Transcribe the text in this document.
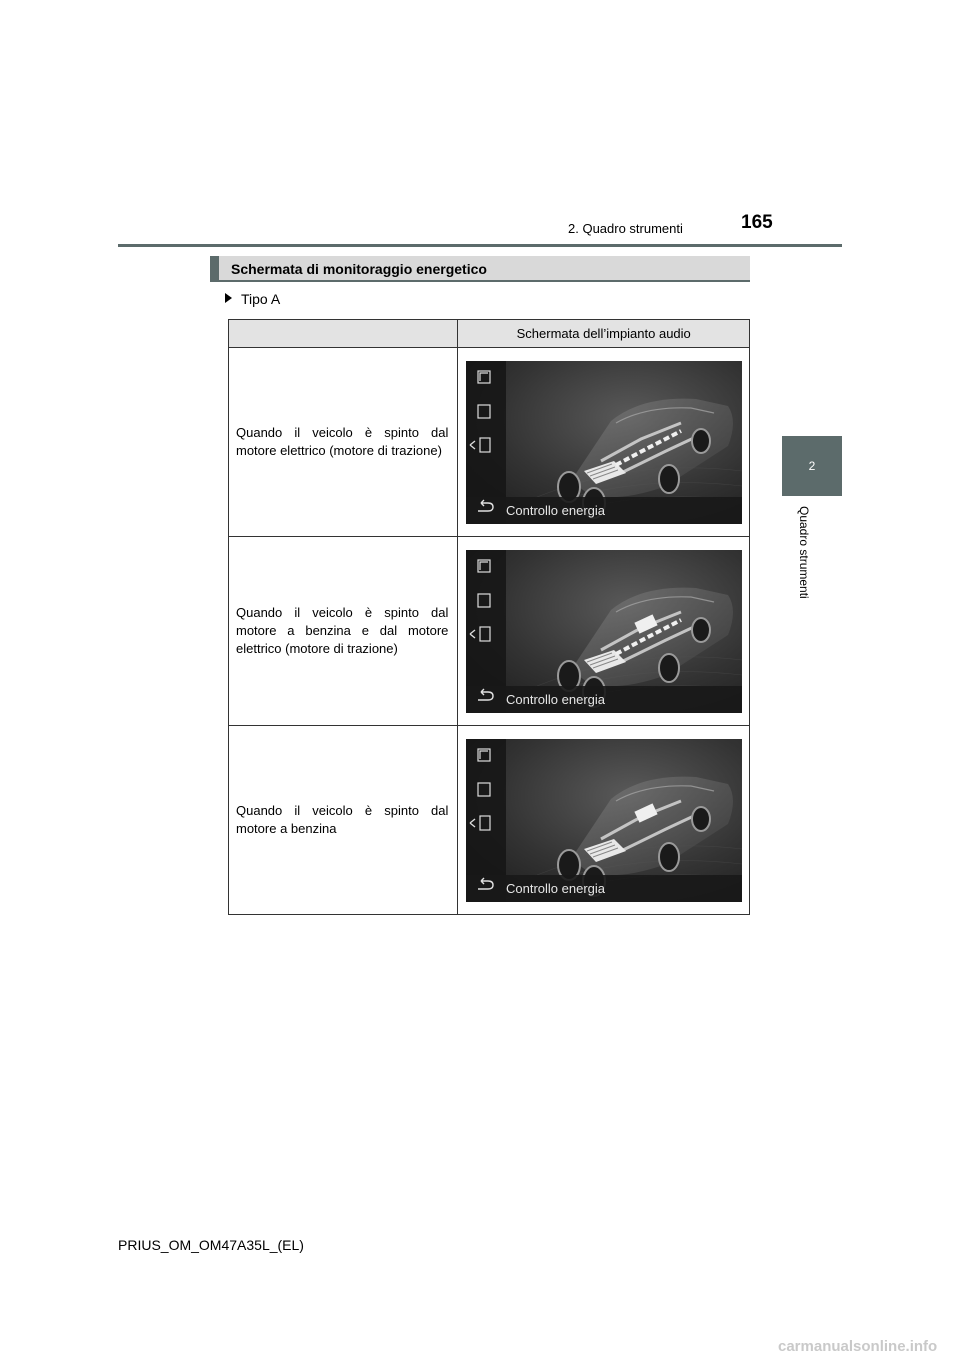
165
2. Quadro strumenti
2
Quadro strumenti
Schermata di monitoraggio energetico
Tipo A
	Schermata dell’impianto audio
Quando il veicolo è spinto dal motore elettrico (motore di trazione)	Controllo energia

Quando il veicolo è spinto dal motore a benzina e dal motore elettrico (motore di trazione)	Controllo energia

Quando il veicolo è spinto dal motore a benzina	Controllo energia
PRIUS_OM_OM47A35L_(EL)
carmanualsonline.info
